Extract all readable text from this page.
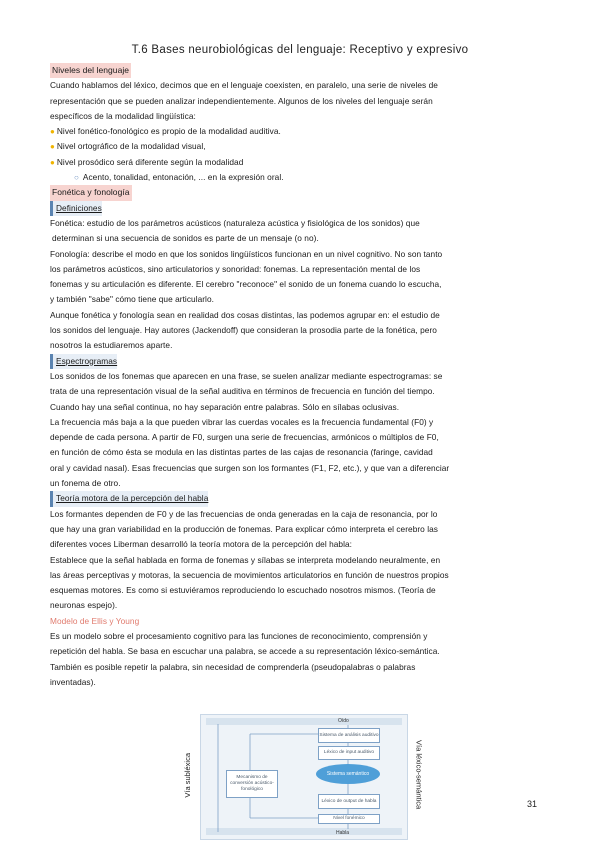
T.6 Bases neurobiológicas del lenguaje: Receptivo y expresivo
Niveles del lenguaje
Cuando hablamos del léxico, decimos que en el lenguaje coexisten, en paralelo, una serie de niveles de
representación que se pueden analizar independientemente. Algunos de los niveles del lenguaje serán
específicos de la modalidad lingüística:
● Nivel fonético-fonológico es propio de la modalidad auditiva.
● Nivel ortográfico de la modalidad visual,
● Nivel prosódico será diferente según la modalidad
○ Acento, tonalidad, entonación, ... en la expresión oral.
Fonética y fonología
Definiciones
Fonética: estudio de los parámetros acústicos (naturaleza acústica y fisiológica de los sonidos) que
determinan si una secuencia de sonidos es parte de un mensaje (o no).
Fonología: describe el modo en que los sonidos lingüísticos funcionan en un nivel cognitivo. No son tanto
los parámetros acústicos, sino articulatorios y sonoridad: fonemas. La representación mental de los
fonemas y su articulación es diferente. El cerebro "reconoce" el sonido de un fonema cuando lo escucha,
y también "sabe" cómo tiene que articularlo.
Aunque fonética y fonología sean en realidad dos cosas distintas, las podemos agrupar en: el estudio de
los sonidos del lenguaje. Hay autores (Jackendoff) que consideran la prosodia parte de la fonética, pero
nosotros la estudiaremos aparte.
Espectrogramas
Los sonidos de los fonemas que aparecen en una frase, se suelen analizar mediante espectrogramas: se
trata de una representación visual de la señal auditiva en términos de frecuencia en función del tiempo.
Cuando hay una señal continua, no hay separación entre palabras. Sólo en sílabas oclusivas.
La frecuencia más baja a la que pueden vibrar las cuerdas vocales es la frecuencia fundamental (F0) y
depende de cada persona. A partir de F0, surgen una serie de frecuencias, armónicos o múltiplos de F0,
en función de cómo ésta se modula en las distintas partes de las cajas de resonancia (faringe, cavidad
oral y cavidad nasal). Esas frecuencias que surgen son los formantes (F1, F2, etc.), y que van a diferenciar
un fonema de otro.
Teoría motora de la percepción del habla
Los formantes dependen de F0 y de las frecuencias de onda generadas en la caja de resonancia, por lo
que hay una gran variabilidad en la producción de fonemas. Para explicar cómo interpreta el cerebro las
diferentes voces Liberman desarrolló la teoría motora de la percepción del habla:
Establece que la señal hablada en forma de fonemas y sílabas se interpreta modelando neuralmente, en
las áreas perceptivas y motoras, la secuencia de movimientos articulatorios en función de nuestros propios
esquemas motores. Es como si estuviéramos reproduciendo lo escuchado nosotros mismos. (Teoría de
neuronas espejo).
Modelo de Ellis y Young
Es un modelo sobre el procesamiento cognitivo para las funciones de reconocimiento, comprensión y
repetición del habla. Se basa en escuchar una palabra, se accede a su representación léxico-semántica.
También es posible repetir la palabra, sin necesidad de comprenderla (pseudopalabras o palabras
inventadas).
Vía subléxica	Vía léxico-semántica
Oído
Habla
Sistema de análisis auditivo
Léxico de input auditivo
Mecanismo de conversión acústico-fonológico
Sistema semántico
Léxico de output de habla
Nivel fonémico
31
